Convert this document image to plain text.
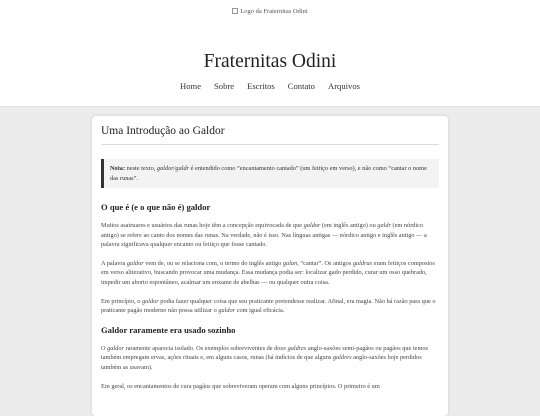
Logo da Fraternitas Odini
Fraternitas Odini
Home Sobre Escritos Contato Arquivos
Uma Introdução ao Galdor
Nota: neste texto, galdor/galdr é entendido como “encantamento cantado” (um feitiço em verso), e não como “cantar o nome das runas”.
O que é (e o que não é) galdor

Muitos asatruares e usuários das runas hoje têm a concepção equivocada de que galdor (em inglês antigo) ou galdr (em nórdico antigo) se refere ao canto dos nomes das runas. Na verdade, não é isso. Nas línguas antigas — nórdico antigo e inglês antigo — a palavra significava qualquer encanto ou feitiço que fosse cantado.

A palavra galdor vem de, ou se relaciona com, o termo do inglês antigo galan, “cantar”. Os antigos galdras eram feitiços compostos em verso aliterativo, buscando provocar uma mudança. Essa mudança podia ser: localizar gado perdido, curar um osso quebrado, impedir um aborto espontâneo, acalmar um enxame de abelhas — ou qualquer outra coisa.

Em princípio, o galdor podia fazer qualquer coisa que seu praticante pretendesse realizar. Afinal, era magia. Não há razão para que o praticante pagão moderno não possa utilizar o galdor com igual eficácia.

Galdor raramente era usado sozinho

O galdor raramente aparecia isolado. Os exemplos sobreviventes de doze galdres anglo-saxões semi-pagãos ou pagãos que temos também empregam ervas, ações rituais e, em alguns casos, runas (há indícios de que alguns galdres anglo-saxões hoje perdidos também as usavam).

Em geral, os encantamentos de cura pagãos que sobreviveram operam com alguns princípios. O primeiro é um
